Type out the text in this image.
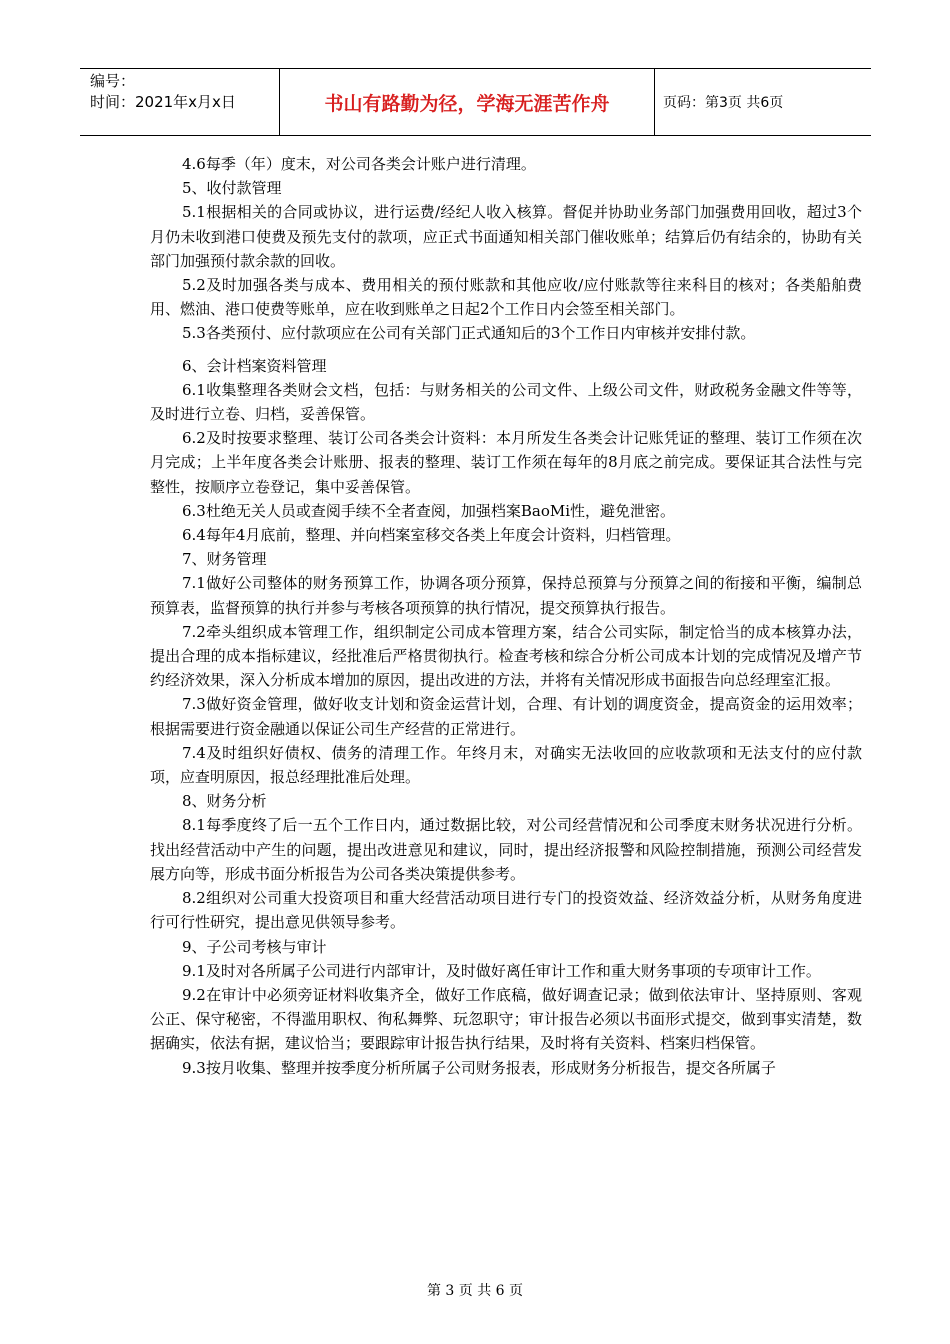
编号：
时间：2021年x月x日	书山有路勤为径，学海无涯苦作舟	页码：第3页 共6页

4.6每季（年）度末，对公司各类会计账户进行清理。

5、收付款管理

5.1根据相关的合同或协议，进行运费/经纪人收入核算。督促并协助业务部门加强费用回收，超过3个月仍未收到港口使费及预先支付的款项，应正式书面通知相关部门催收账单；结算后仍有结余的，协助有关部门加强预付款余款的回收。

5.2及时加强各类与成本、费用相关的预付账款和其他应收/应付账款等往来科目的核对；各类船舶费用、燃油、港口使费等账单，应在收到账单之日起2个工作日内会签至相关部门。

5.3各类预付、应付款项应在公司有关部门正式通知后的3个工作日内审核并安排付款。

6、会计档案资料管理

6.1收集整理各类财会文档，包括：与财务相关的公司文件、上级公司文件，财政税务金融文件等等，及时进行立卷、归档，妥善保管。

6.2及时按要求整理、装订公司各类会计资料：本月所发生各类会计记账凭证的整理、装订工作须在次月完成；上半年度各类会计账册、报表的整理、装订工作须在每年的8月底之前完成。要保证其合法性与完整性，按顺序立卷登记，集中妥善保管。

6.3杜绝无关人员或查阅手续不全者查阅，加强档案BaoMi性，避免泄密。

6.4每年4月底前，整理、并向档案室移交各类上年度会计资料，归档管理。

7、财务管理

7.1做好公司整体的财务预算工作，协调各项分预算，保持总预算与分预算之间的衔接和平衡，编制总预算表，监督预算的执行并参与考核各项预算的执行情况，提交预算执行报告。

7.2牵头组织成本管理工作，组织制定公司成本管理方案，结合公司实际，制定恰当的成本核算办法，提出合理的成本指标建议，经批准后严格贯彻执行。检查考核和综合分析公司成本计划的完成情况及增产节约经济效果，深入分析成本增加的原因，提出改进的方法，并将有关情况形成书面报告向总经理室汇报。

7.3做好资金管理，做好收支计划和资金运营计划，合理、有计划的调度资金，提高资金的运用效率；根据需要进行资金融通以保证公司生产经营的正常进行。

7.4及时组织好债权、债务的清理工作。年终月末，对确实无法收回的应收款项和无法支付的应付款项，应查明原因，报总经理批准后处理。

8、财务分析

8.1每季度终了后一五个工作日内，通过数据比较，对公司经营情况和公司季度末财务状况进行分析。找出经营活动中产生的问题，提出改进意见和建议，同时，提出经济报警和风险控制措施，预测公司经营发展方向等，形成书面分析报告为公司各类决策提供参考。

8.2组织对公司重大投资项目和重大经营活动项目进行专门的投资效益、经济效益分析，从财务角度进行可行性研究，提出意见供领导参考。

9、子公司考核与审计

9.1及时对各所属子公司进行内部审计，及时做好离任审计工作和重大财务事项的专项审计工作。

9.2在审计中必须旁证材料收集齐全，做好工作底稿，做好调查记录；做到依法审计、坚持原则、客观公正、保守秘密，不得滥用职权、徇私舞弊、玩忽职守；审计报告必须以书面形式提交，做到事实清楚，数据确实，依法有据，建议恰当；要跟踪审计报告执行结果，及时将有关资料、档案归档保管。

9.3按月收集、整理并按季度分析所属子公司财务报表，形成财务分析报告，提交各所属子

第 3 页 共 6 页
